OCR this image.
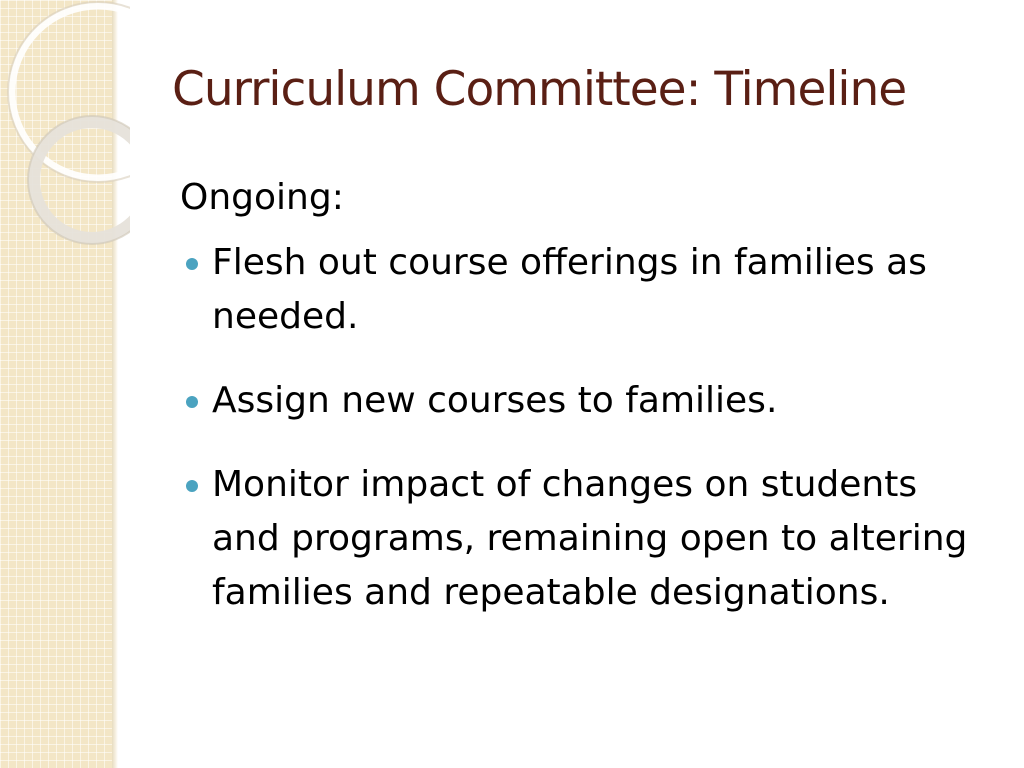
Curriculum Committee: Timeline

Ongoing:

Flesh out course offerings in families as needed.
Assign new courses to families.
Monitor impact of changes on students and programs, remaining open to altering families and repeatable designations.
